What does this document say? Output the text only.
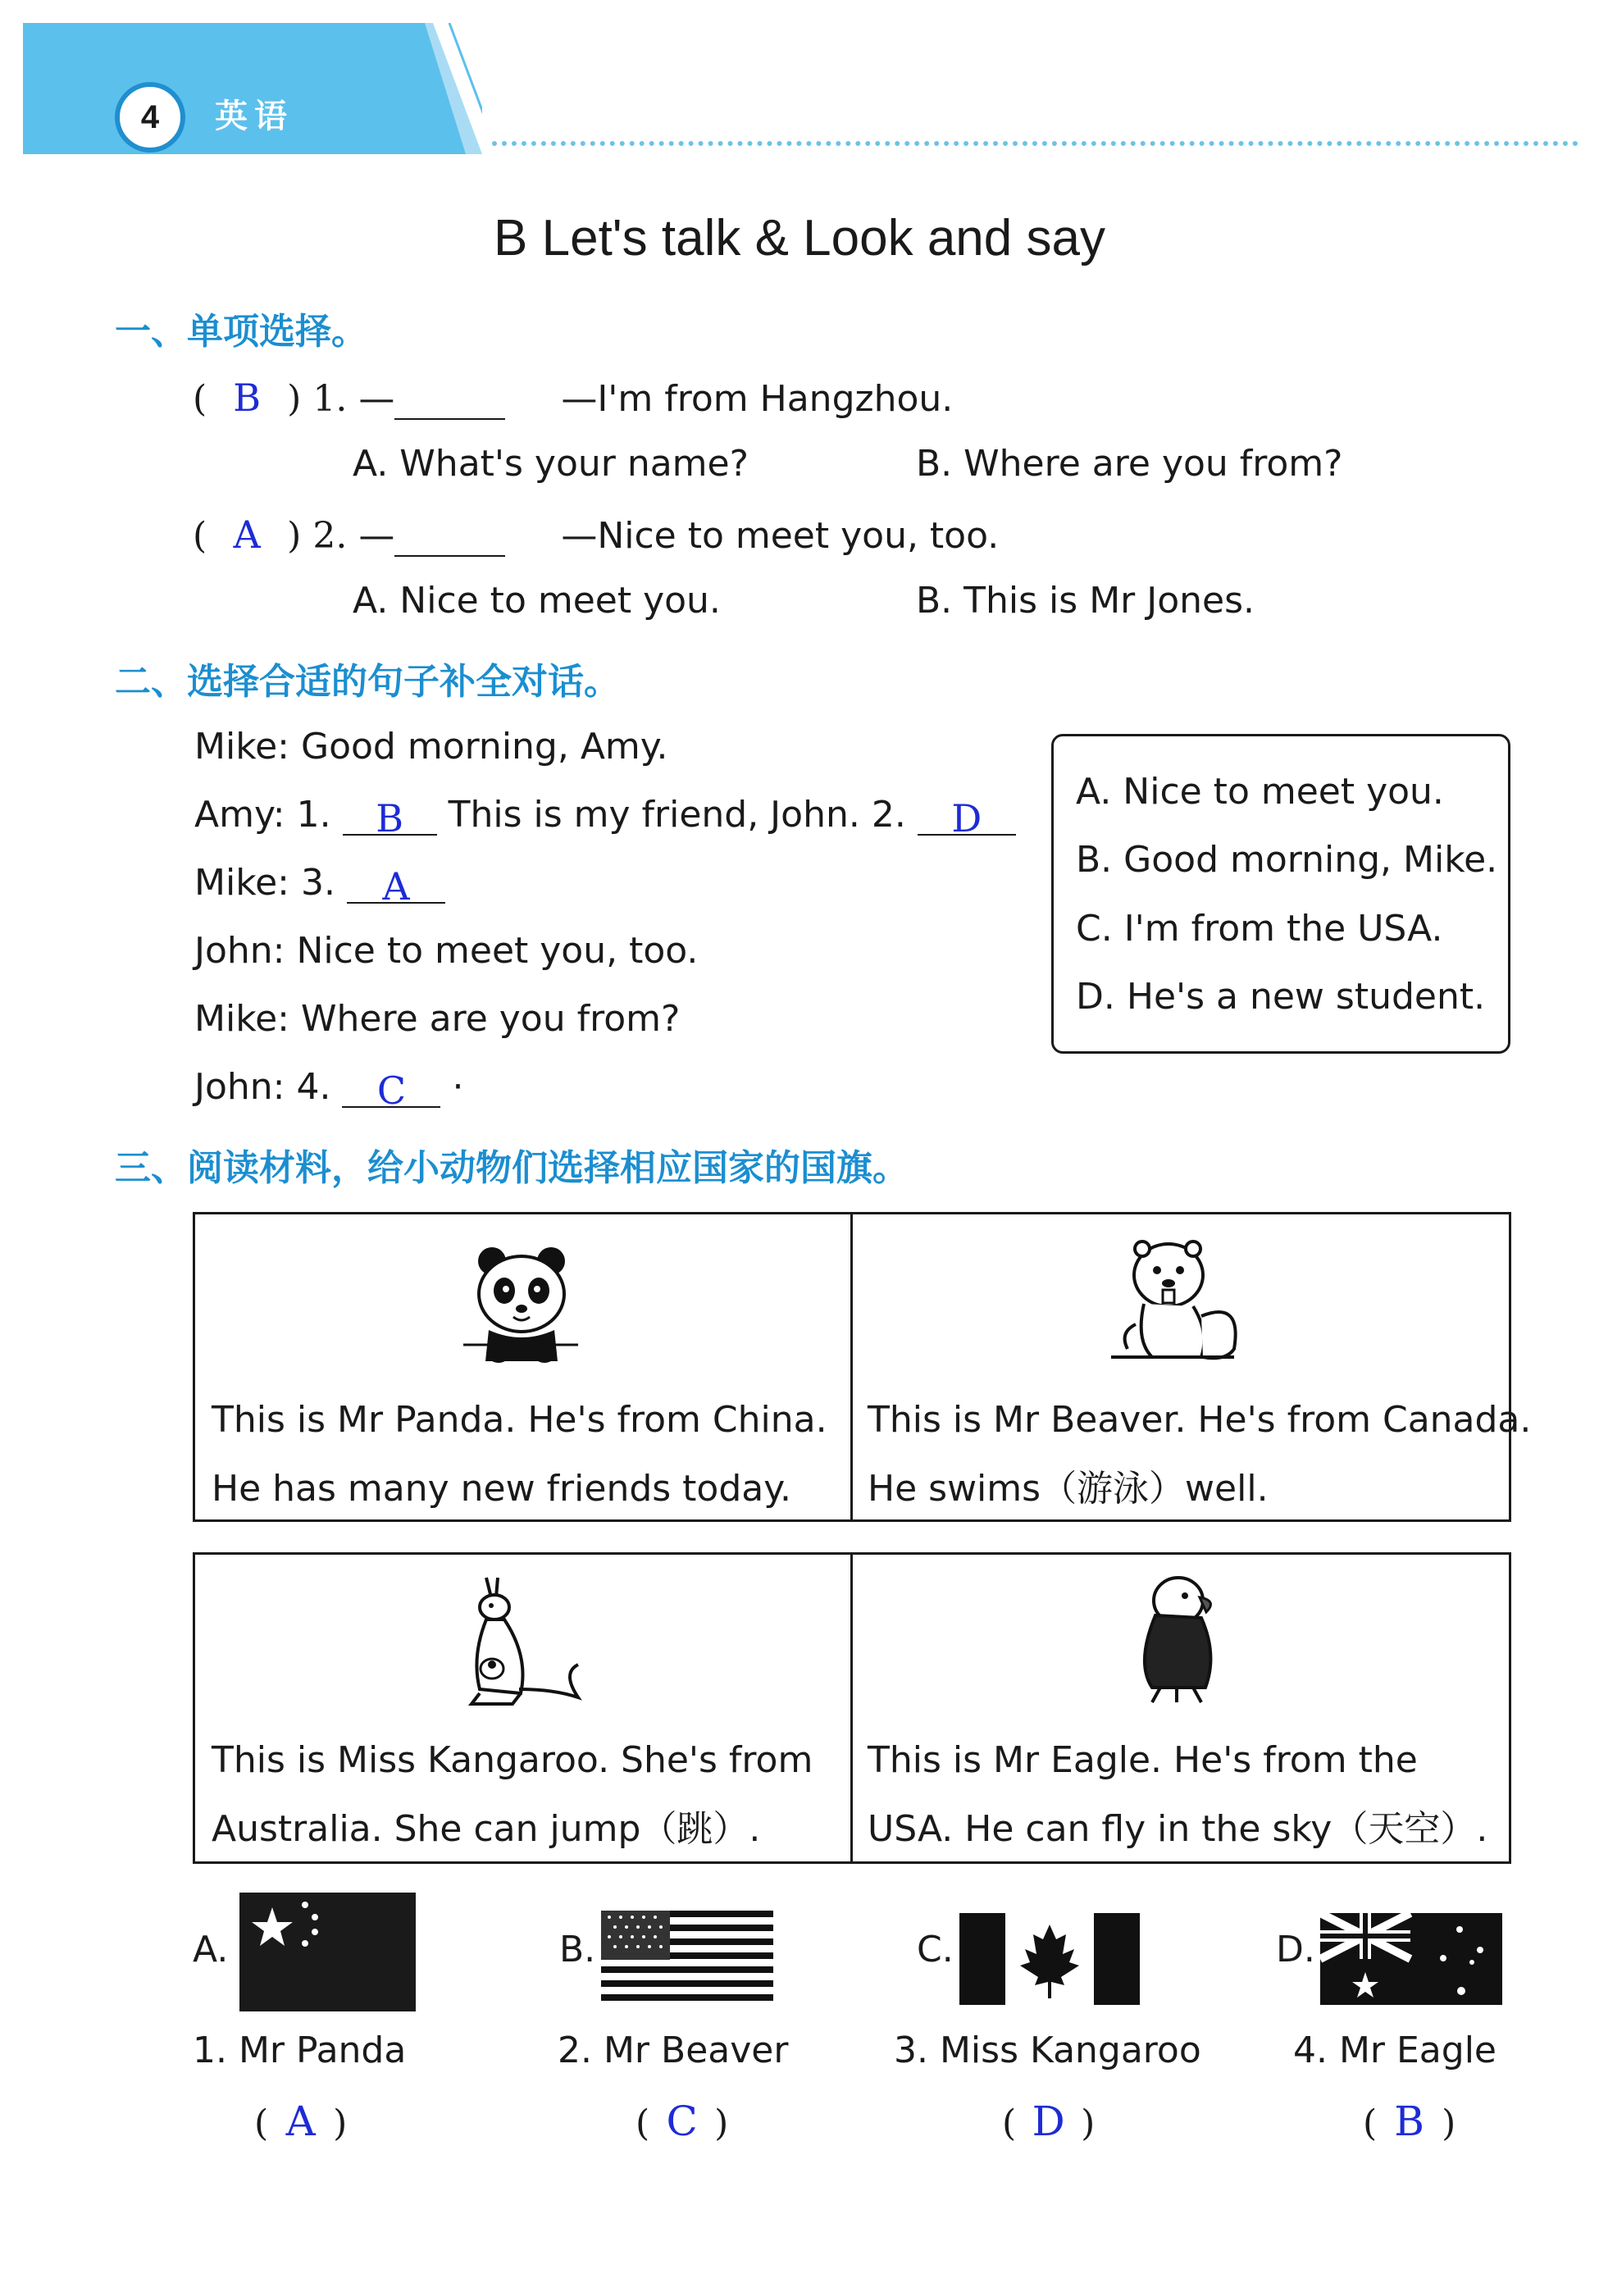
4	英语
B Let's talk & Look and say
一、单项选择。
( B ) 1. —	—I'm from Hangzhou.
A. What's your name?	B. Where are you from?
( A ) 2. —	—Nice to meet you, too.
A. Nice to meet you.	B. This is Mr Jones.
二、选择合适的句子补全对话。
Mike: Good morning, Amy.
Amy: 1. B This is my friend, John. 2. D
Mike: 3. A
John: Nice to meet you, too.
Mike: Where are you from?
John: 4. C ·
A. Nice to meet you.
B. Good morning, Mike.
C. I'm from the USA.
D. He's a new student.
三、阅读材料，给小动物们选择相应国家的国旗。
This is Mr Panda. He's from China.
He has many new friends today.
This is Mr Beaver. He's from Canada.
He swims（游泳）well.
This is Miss Kangaroo. She's from
Australia. She can jump（跳）.
This is Mr Eagle. He's from the
USA. He can fly in the sky（天空）.
A.	B.	C.	D.
1. Mr Panda	2. Mr Beaver	3. Miss Kangaroo	4. Mr Eagle
( A )	( C )	( D )	( B )
